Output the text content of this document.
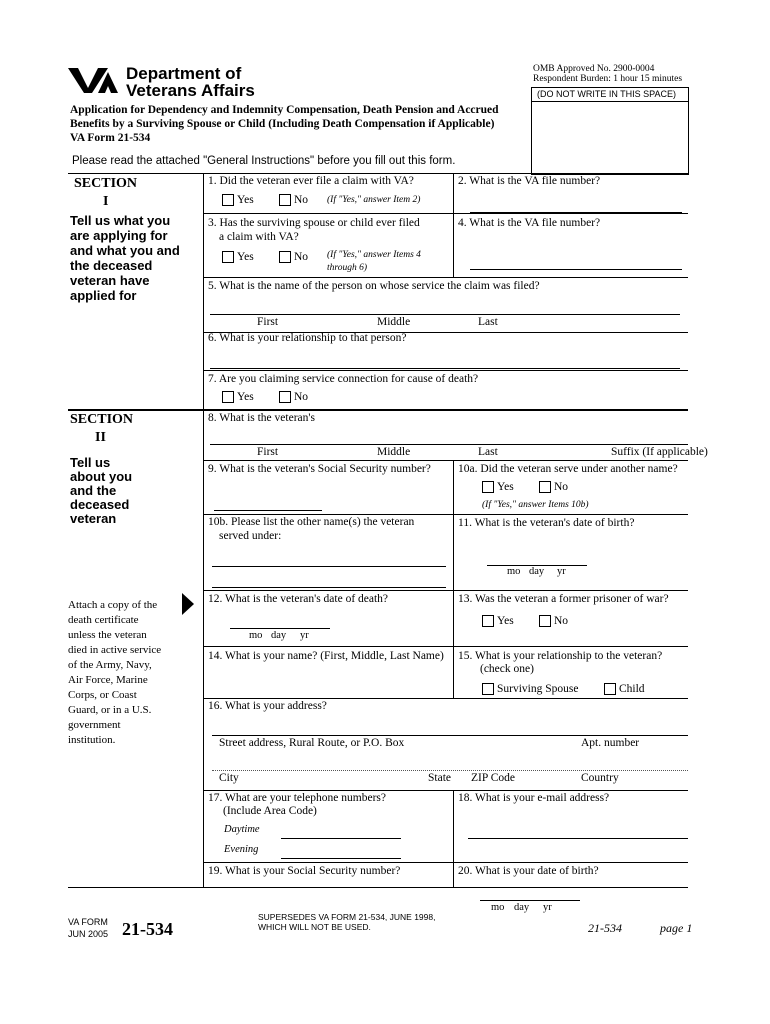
Department of
Veterans Affairs
OMB Approved No. 2900-0004
Respondent Burden: 1 hour 15 minutes
(DO NOT WRITE IN THIS SPACE)
Application for Dependency and Indemnity Compensation, Death Pension and Accrued
Benefits by a Surviving Spouse or Child (Including Death Compensation if Applicable)
VA Form 21-534
Please read the attached "General Instructions" before you fill out this form.
SECTION
I
Tell us what you
are applying for
and what you and
the deceased
veteran have
applied for
1. Did the veteran ever file a claim with VA?
Yes	No (If "Yes," answer Item 2)
2. What is the VA file number?
3. Has the surviving spouse or child ever filed
a claim with VA?
Yes	No (If "Yes," answer Items 4
through 6)
4. What is the VA file number?
5. What is the name of the person on whose service the claim was filed?
First	Middle	Last
6. What is your relationship to that person?
7. Are you claiming service connection for cause of death?
Yes	No
SECTION
II
Tell us
about you
and the
deceased
veteran
Attach a copy of the
death certificate
unless the veteran
died in active service
of the Army, Navy,
Air Force, Marine
Corps, or Coast
Guard, or in a U.S.
government
institution.
8. What is the veteran's
First	Middle	Last	Suffix (If applicable)
9. What is the veteran's Social Security number? 10a. Did the veteran serve under another name?
Yes	No
(If "Yes," answer Items 10b)
10b. Please list the other name(s) the veteran
served under:
11. What is the veteran's date of birth?
mo day yr
12. What is the veteran's date of death?
mo day yr
13. Was the veteran a former prisoner of war?
Yes	No
14. What is your name? (First, Middle, Last Name) 15. What is your relationship to the veteran?
(check one)
Surviving Spouse	Child
16. What is your address?
Street address, Rural Route, or P.O. Box	Apt. number
City	State ZIP Code	Country
17. What are your telephone numbers?
(Include Area Code)
Daytime
Evening
18. What is your e-mail address?
19. What is your Social Security number?	20. What is your date of birth?
mo day yr
VA FORM
JUN 2005 21-534
SUPERSEDES VA FORM 21-534, JUNE 1998,
WHICH WILL NOT BE USED.	21-534	page 1
